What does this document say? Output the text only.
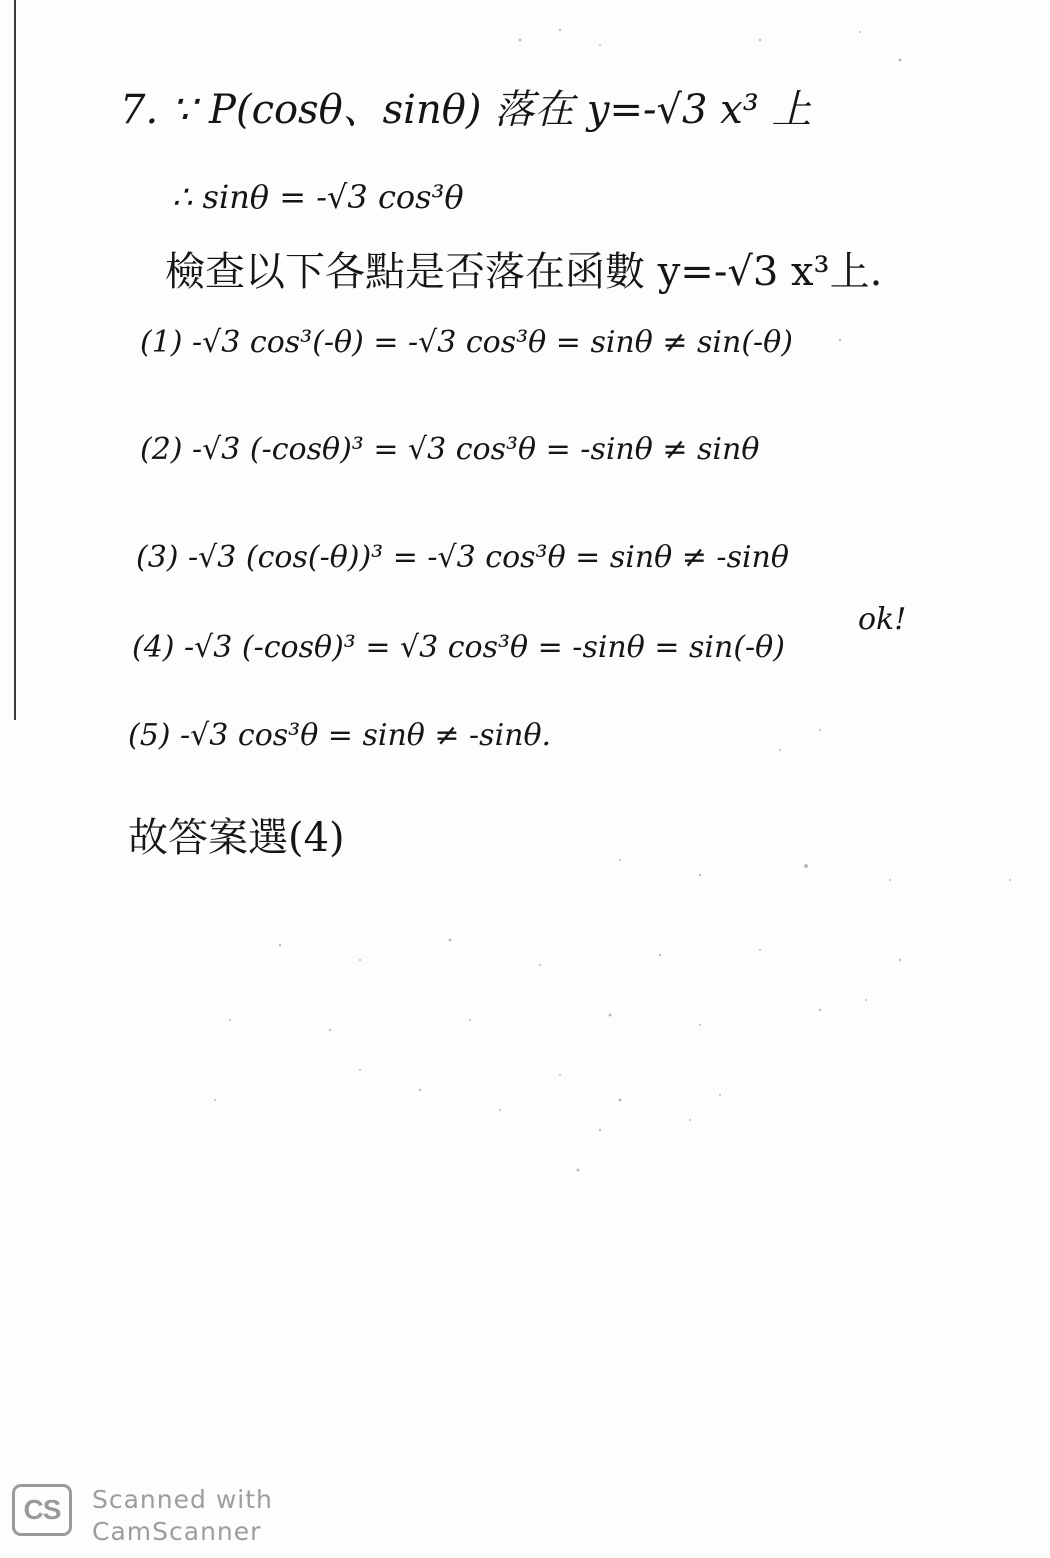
7. ∵ P(cosθ、sinθ) 落在 y=-√3 x³ 上
∴ sinθ = -√3 cos³θ
檢查以下各點是否落在函數 y=-√3 x³上.
(1) -√3 cos³(-θ) = -√3 cos³θ = sinθ ≠ sin(-θ)
(2) -√3 (-cosθ)³ = √3 cos³θ = -sinθ ≠ sinθ
(3) -√3 (cos(-θ))³ = -√3 cos³θ = sinθ ≠ -sinθ
(4) -√3 (-cosθ)³ = √3 cos³θ = -sinθ = sin(-θ)
ok!
(5) -√3 cos³θ = sinθ ≠ -sinθ.
故答案選(4)
CS	Scanned with
CamScanner
